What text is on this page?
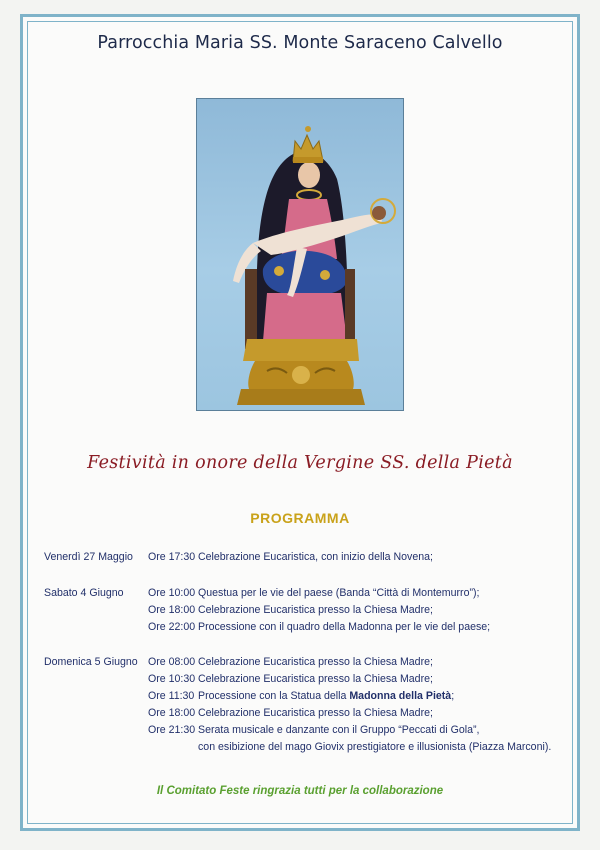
Parrocchia Maria SS. Monte Saraceno Calvello
Festività in onore della Vergine SS. della Pietà
PROGRAMMA
Venerdì 27 Maggio Ore 17:30 Celebrazione Eucaristica, con inizio della Novena;
Sabato 4 Giugno Ore 10:00 Questua per le vie del paese (Banda “Città di Montemurro”);
Ore 18:00 Celebrazione Eucaristica presso la Chiesa Madre;
Ore 22:00 Processione con il quadro della Madonna per le vie del paese;
Domenica 5 Giugno Ore 08:00 Celebrazione Eucaristica presso la Chiesa Madre;
Ore 10:30 Celebrazione Eucaristica presso la Chiesa Madre;
Ore 11:30 Processione con la Statua della Madonna della Pietà;
Ore 18:00 Celebrazione Eucaristica presso la Chiesa Madre;
Ore 21:30 Serata musicale e danzante con il Gruppo “Peccati di Gola”,
con esibizione del mago Giovix prestigiatore e illusionista (Piazza Marconi).
Il Comitato Feste ringrazia tutti per la collaborazione
